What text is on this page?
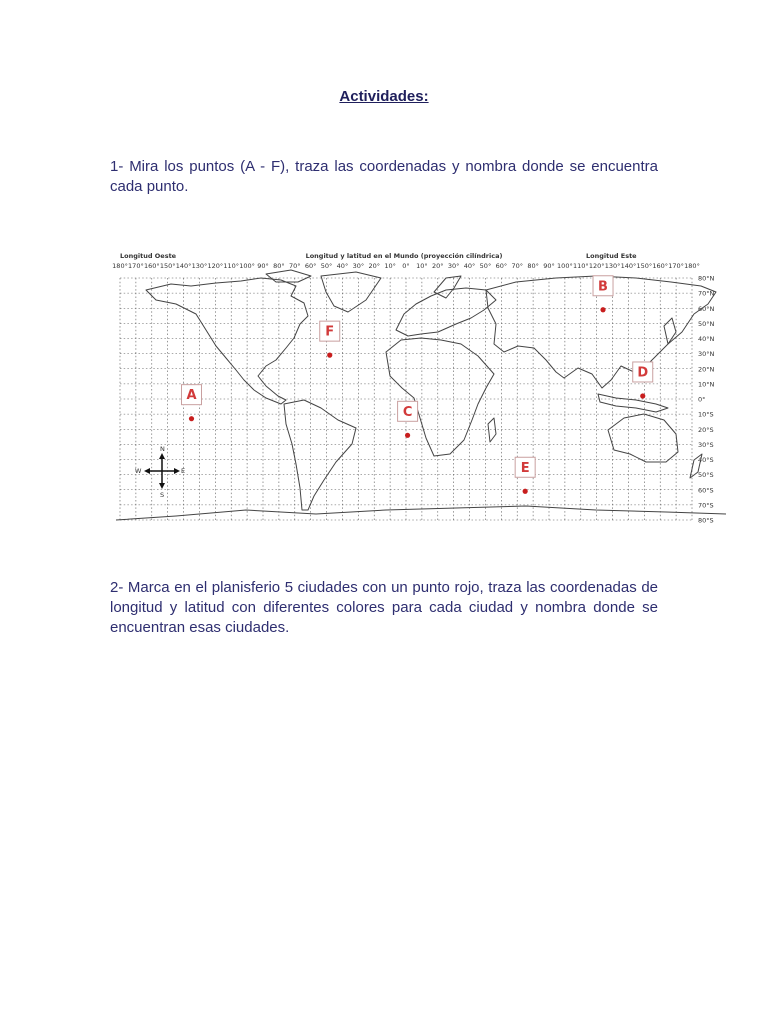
Actividades:
1- Mira los puntos (A - F), traza las coordenadas y nombra donde se encuentra cada punto.
Longitud Oeste	Longitud y latitud en el Mundo (proyección cilíndrica)	Longitud Este
180° 170° 160° 150° 140° 130° 120° 110° 100° 90° 80° 70° 60° 50° 40° 30° 20° 10° 0° 10° 20° 30° 40° 50° 60° 70° 80° 90° 100° 110° 120° 130° 140° 150° 160° 170° 180°
80°N
70°N
60°N
50°N
40°N
30°N
20°N
10°N
0°
10°S
20°S
30°S
40°S
50°S
60°S
70°S
80°S
N
S
E
W
A
B
C
D
E
F
2- Marca en el planisferio 5 ciudades con un punto rojo, traza las coordenadas de longitud y latitud con diferentes colores para cada ciudad y nombra donde se encuentran esas ciudades.
